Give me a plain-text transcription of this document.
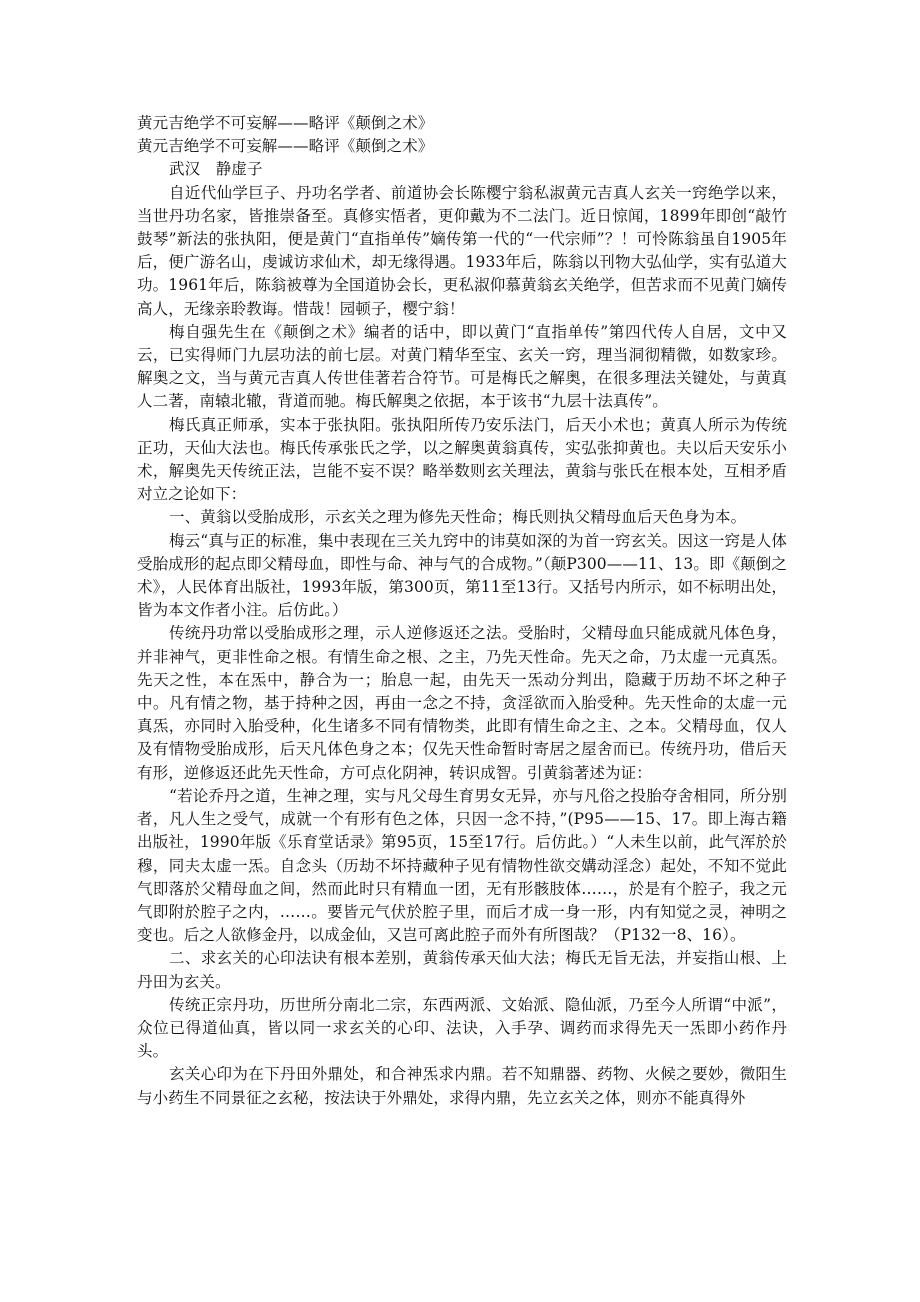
黄元吉绝学不可妄解——略评《颠倒之术》

黄元吉绝学不可妄解——略评《颠倒之术》

武汉　静虚子

自近代仙学巨子、丹功名学者、前道协会长陈樱宁翁私淑黄元吉真人玄关一窍绝学以来，当世丹功名家，皆推崇备至。真修实悟者，更仰戴为不二法门。近日惊闻，1899年即创“敲竹鼓琴”新法的张执阳，便是黄门“直指单传”嫡传第一代的“一代宗师”？！可怜陈翁虽自1905年后，便广游名山，虔诚访求仙术，却无缘得遇。1933年后，陈翁以刊物大弘仙学，实有弘道大功。1961年后，陈翁被尊为全国道协会长，更私淑仰慕黄翁玄关绝学，但苦求而不见黄门嫡传高人，无缘亲聆教诲。惜哉！园顿子，樱宁翁！

梅自强先生在《颠倒之术》编者的话中，即以黄门“直指单传”第四代传人自居，文中又云，已实得师门九层功法的前七层。对黄门精华至宝、玄关一窍，理当洞彻精微，如数家珍。解奥之文，当与黄元吉真人传世佳著若合符节。可是梅氏之解奥，在很多理法关键处，与黄真人二著，南辕北辙，背道而驰。梅氏解奥之依据，本于该书“九层十法真传”。

梅氏真正师承，实本于张执阳。张执阳所传乃安乐法门，后天小术也；黄真人所示为传统正功，天仙大法也。梅氏传承张氏之学，以之解奥黄翁真传，实弘张抑黄也。夫以后天安乐小术，解奥先天传统正法，岂能不妄不误？略举数则玄关理法，黄翁与张氏在根本处，互相矛盾对立之论如下：

一、黄翁以受胎成形，示玄关之理为修先天性命；梅氏则执父精母血后天色身为本。

梅云“真与正的标准，集中表现在三关九窍中的讳莫如深的为首一窍玄关。因这一窍是人体受胎成形的起点即父精母血，即性与命、神与气的合成物。”（颠P300——11、13。即《颠倒之术》，人民体育出版社，1993年版，第300页，第11至13行。又括号内所示，如不标明出处，皆为本文作者小注。后仿此。）

传统丹功常以受胎成形之理，示人逆修返还之法。受胎时，父精母血只能成就凡体色身，并非神气，更非性命之根。有情生命之根、之主，乃先天性命。先天之命，乃太虚一元真炁。先天之性，本在炁中，静合为一；胎息一起，由先天一炁动分判出，隐藏于历劫不坏之种子中。凡有情之物，基于持种之因，再由一念之不持，贪淫欲而入胎受种。先天性命的太虚一元真炁，亦同时入胎受种，化生诸多不同有情物类，此即有情生命之主、之本。父精母血，仅人及有情物受胎成形，后天凡体色身之本；仅先天性命暂时寄居之屋舍而已。传统丹功，借后天有形，逆修返还此先天性命，方可点化阴神，转识成智。引黄翁著述为证：

“若论乔丹之道，生神之理，实与凡父母生育男女无异，亦与凡俗之投胎夺舍相同，所分别者，凡人生之受气，成就一个有形有色之体，只因一念不持，”(P95——15、17。即上海古籍出版社，1990年版《乐育堂话录》第95页，15至17行。后仿此。）“人未生以前，此气浑於於穆，同夫太虚一炁。自念头（历劫不坏持藏种子见有情物性欲交媾动淫念）起处，不知不觉此气即落於父精母血之间，然而此时只有精血一团，无有形骸肢体……，於是有个腔子，我之元气即附於腔子之内，……。要皆元气伏於腔子里，而后才成一身一形，内有知觉之灵，神明之变也。后之人欲修金丹，以成金仙，又岂可离此腔子而外有所图哉？（P132一8、16）。

二、求玄关的心印法诀有根本差别，黄翁传承天仙大法；梅氏无旨无法，并妄指山根、上丹田为玄关。

传统正宗丹功，历世所分南北二宗，东西两派、文始派、隐仙派，乃至今人所谓“中派”，众位已得道仙真，皆以同一求玄关的心印、法诀，入手孕、调药而求得先天一炁即小药作丹头。

玄关心印为在下丹田外鼎处，和合神炁求内鼎。若不知鼎器、药物、火候之要妙，微阳生与小药生不同景征之玄秘，按法诀于外鼎处，求得内鼎，先立玄关之体，则亦不能真得外
